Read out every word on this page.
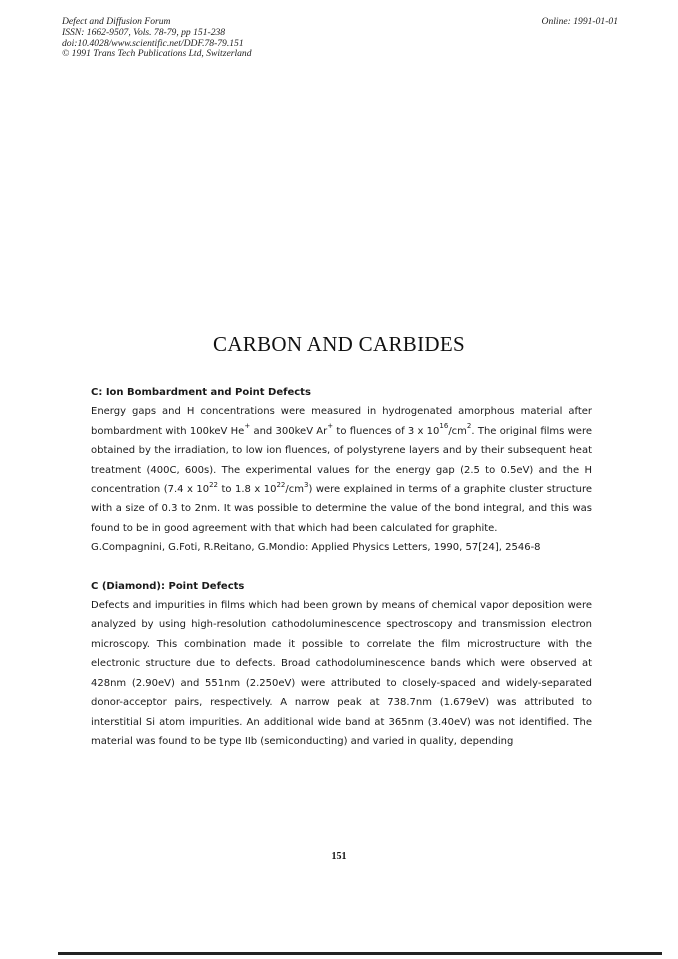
Defect and Diffusion Forum
ISSN: 1662-9507, Vols. 78-79, pp 151-238
doi:10.4028/www.scientific.net/DDF.78-79.151
© 1991 Trans Tech Publications Ltd, Switzerland
Online: 1991-01-01
CARBON AND CARBIDES
C: Ion Bombardment and Point Defects
Energy gaps and H concentrations were measured in hydrogenated amorphous material after bombardment with 100keV He+ and 300keV Ar+ to fluences of 3 x $10^{16}/cm^2$. The original films were obtained by the irradiation, to low ion fluences, of polystyrene layers and by their subsequent heat treatment (400C, 600s). The experimental values for the energy gap (2.5 to 0.5eV) and the H concentration (7.4 x $10^{22}$ to 1.8 x $10^{22}/cm^3$) were explained in terms of a graphite cluster structure with a size of 0.3 to 2nm. It was possible to determine the value of the bond integral, and this was found to be in good agreement with that which had been calculated for graphite.
G.Compagnini, G.Foti, R.Reitano, G.Mondio: Applied Physics Letters, 1990, 57[24], 2546-8
C (Diamond): Point Defects
Defects and impurities in films which had been grown by means of chemical vapor deposition were analyzed by using high-resolution cathodoluminescence spectroscopy and transmission electron microscopy. This combination made it possible to correlate the film microstructure with the electronic structure due to defects. Broad cathodoluminescence bands which were observed at 428nm (2.90eV) and 551nm (2.250eV) were attributed to closely-spaced and widely-separated donor-acceptor pairs, respectively. A narrow peak at 738.7nm (1.679eV) was attributed to interstitial Si atom impurities. An additional wide band at 365nm (3.40eV) was not identified. The material was found to be type IIb (semiconducting) and varied in quality, depending
151
